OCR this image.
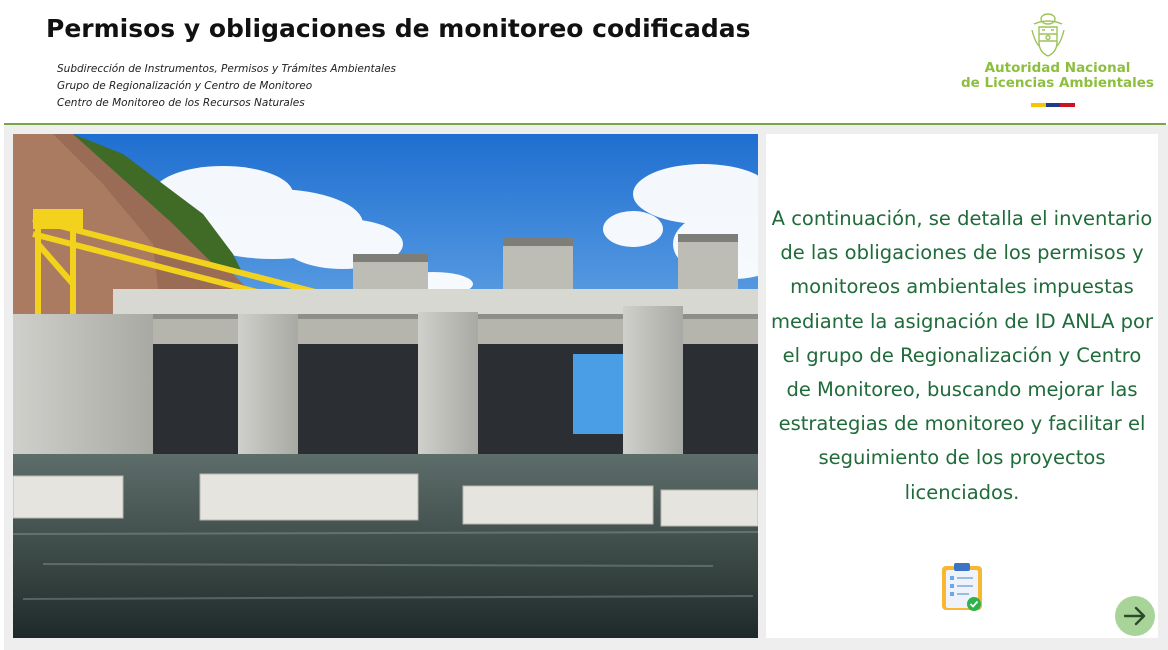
Permisos y obligaciones de monitoreo codificadas
Subdirección de Instrumentos, Permisos y Trámites Ambientales
Grupo de Regionalización y Centro de Monitoreo
Centro de Monitoreo de los Recursos Naturales
Autoridad Nacional
de Licencias Ambientales
A continuación, se detalla el inventario de las obligaciones de los permisos y monitoreos ambientales impuestas mediante la asignación de ID ANLA por el grupo de Regionalización y Centro de Monitoreo, buscando mejorar las estrategias de monitoreo y facilitar el seguimiento de los proyectos licenciados.
